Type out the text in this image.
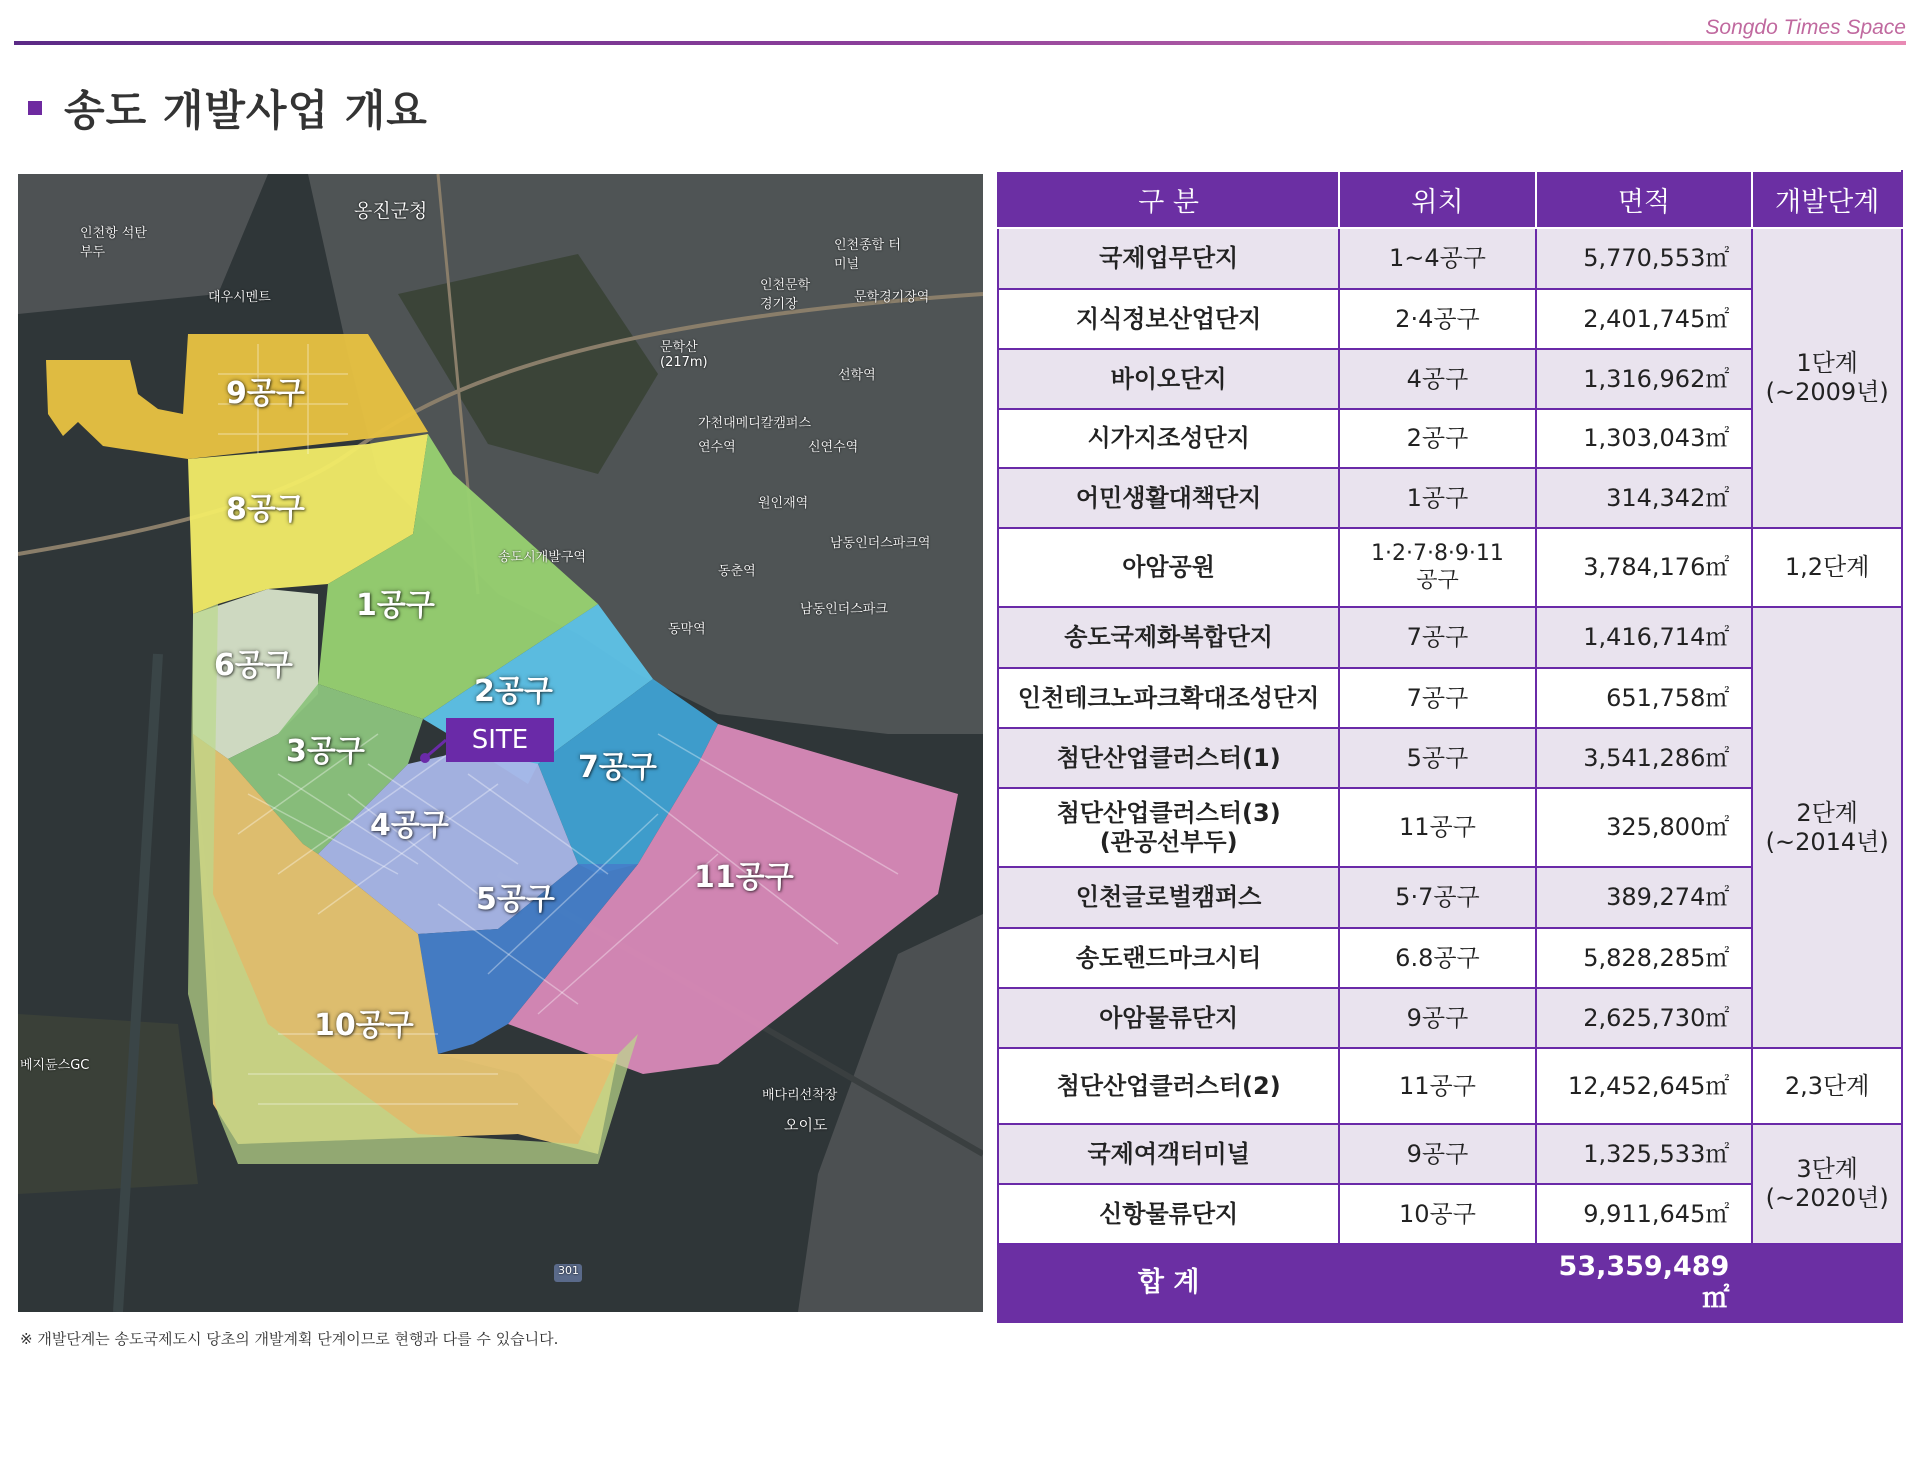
Songdo Times Space
송도 개발사업 개요
9공구
8공구
1공구
6공구
2공구
3공구	7공구
4공구
11공구
5공구
10공구
옹진군청
인천항 석탄부두	인천종합 터미널
문학산 (217m)
선학역
가천대메디칼캠퍼스
연수역	신연수역
원인재역
남동인더스파크역
송도시개발구역
동춘역
남동인더스파크
동막역
배다리선착장
오이도
대우시멘트	문학경기장역
인천문학 경기장
301
베지듄스GC
SITE
※ 개발단계는 송도국제도시 당초의 개발계획 단계이므로 현행과 다를 수 있습니다.
구 분	위치	면적	개발단계
국제업무단지	1~4공구	5,770,553㎡	1단계
(~2009년)
지식정보산업단지	2·4공구	2,401,745㎡	
바이오단지	4공구	1,316,962㎡	
시가지조성단지	2공구	1,303,043㎡	
어민생활대책단지	1공구	314,342㎡	
아암공원	1·2·7·8·9·11
공구	3,784,176㎡	1,2단계
송도국제화복합단지	7공구	1,416,714㎡	2단계
(~2014년)
인천테크노파크확대조성단지	7공구	651,758㎡	
첨단산업클러스터(1)	5공구	3,541,286㎡	
첨단산업클러스터(3)
(관공선부두)	11공구	325,800㎡	
인천글로벌캠퍼스	5·7공구	389,274㎡	
송도랜드마크시티	6.8공구	5,828,285㎡	
아암물류단지	9공구	2,625,730㎡	
첨단산업클러스터(2)	11공구	12,452,645㎡	2,3단계
국제여객터미널	9공구	1,325,533㎡	3단계
(~2020년)
신항물류단지	10공구	9,911,645㎡	
합 계		53,359,489㎡	
